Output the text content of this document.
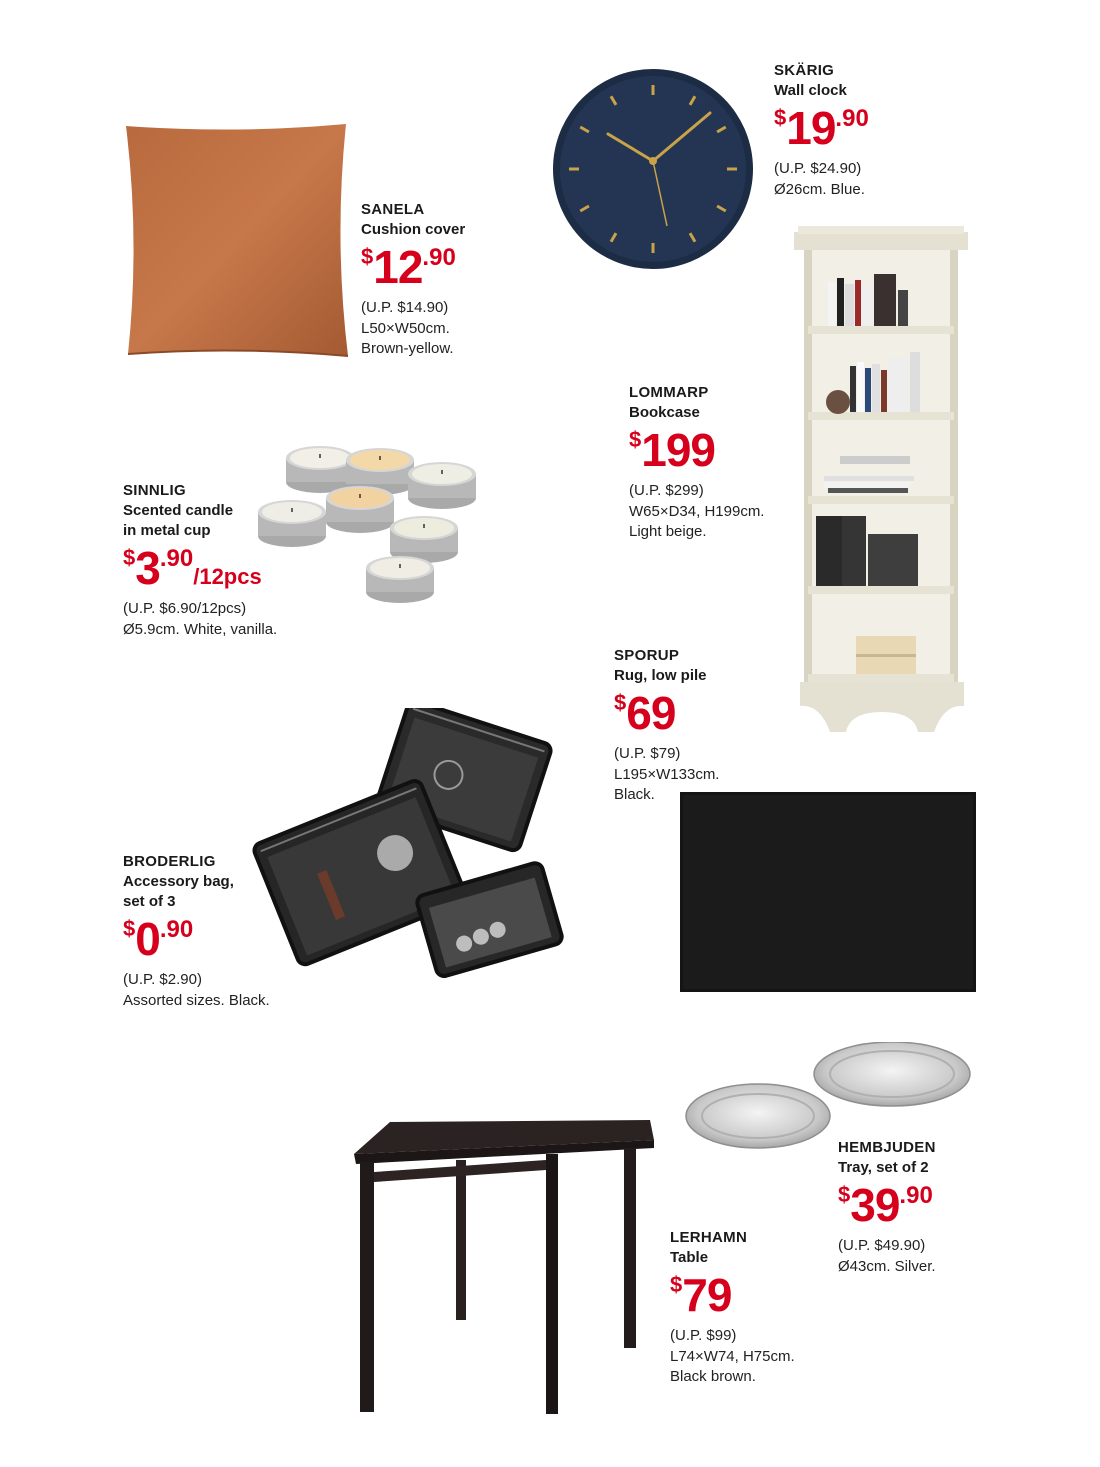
SANELA
Cushion cover
$12.90
(U.P. $14.90)
L50×W50cm.
Brown-yellow.
SKÄRIG
Wall clock
$19.90
(U.P. $24.90)
Ø26cm. Blue.
LOMMARP
Bookcase
$199
(U.P. $299)
W65×D34, H199cm.
Light beige.
SINNLIG
Scented candle
in metal cup
$3.90/12pcs
(U.P. $6.90/12pcs)
Ø5.9cm. White, vanilla.
SPORUP
Rug, low pile
$69
(U.P. $79)
L195×W133cm.
Black.
BRODERLIG
Accessory bag,
set of 3
$0.90
(U.P. $2.90)
Assorted sizes. Black.
HEMBJUDEN
Tray, set of 2
$39.90
(U.P. $49.90)
Ø43cm. Silver.
LERHAMN
Table
$79
(U.P. $99)
L74×W74, H75cm.
Black brown.
